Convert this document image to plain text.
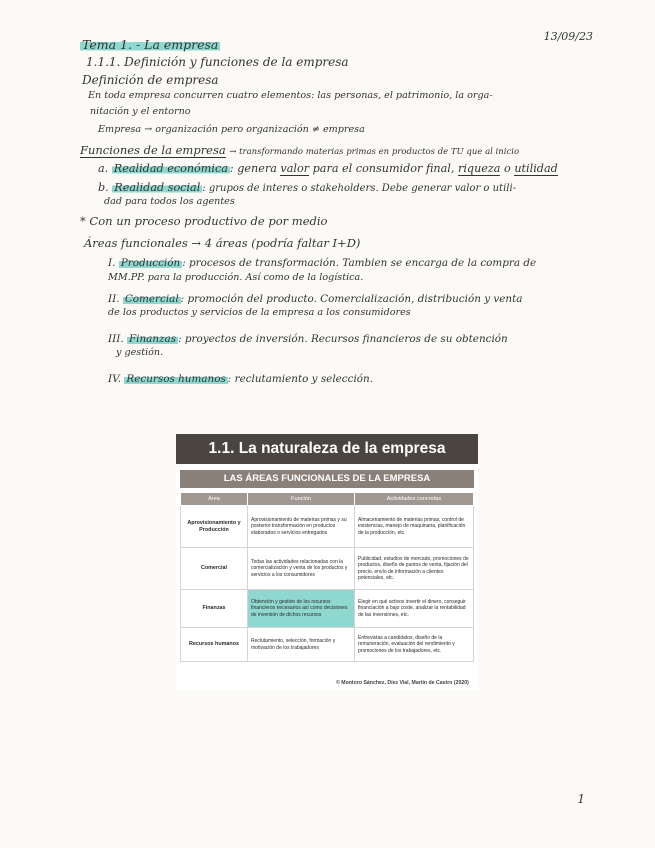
13/09/23
Tema 1. - La empresa
1.1.1. Definición y funciones de la empresa
Definición de empresa
En toda empresa concurren cuatro elementos: las personas, el patrimonio, la orga-
nitación y el entorno
Empresa → organización pero organización ≠ empresa
Funciones de la empresa → transformando materias primas en productos de TU que al inicio
a. Realidad económica : genera valor para el consumidor final, riqueza o utilidad
b. Realidad social : grupos de interes o stakeholders. Debe generar valor o utili-
dad para todos los agentes
* Con un proceso productivo de por medio
Áreas funcionales → 4 áreas (podría faltar I+D)
I. Producción : procesos de transformación. Tambien se encarga de la compra de
MM.PP. para la producción. Así como de la logística.
II. Comercial : promoción del producto. Comercialización, distribución y venta
de los productos y servicios de la empresa a los consumidores
III. Finanzas : proyectos de inversión. Recursos financieros de su obtención
y gestión.
IV. Recursos humanos : reclutamiento y selección.
1.1. La naturaleza de la empresa
LAS ÁREAS FUNCIONALES DE LA EMPRESA
Área	Función	Actividades concretas
Aprovisionamiento y Producción	Aprovisionamiento de materias primas y su posterior transformación en productos elaborados o servicios entregados	Almacenamiento de materias primas, control de existencias, manejo de maquinaria, planificación de la producción, etc.
Comercial	Todas las actividades relacionadas con la comercialización y venta de los productos y servicios a los consumidores	Publicidad, estudios de mercado, promociones de productos, diseño de puntos de venta, fijación del precio, envío de información a clientes potenciales, etc.
Finanzas	Obtención y gestión de los recursos financieros necesarios así como decisiones de inversión de dichos recursos	Elegir en qué activos invertir el dinero, conseguir financiación a bajo coste, analizar la rentabilidad de las inversiones, etc.
Recursos humanos	Reclutamiento, selección, formación y motivación de los trabajadores	Entrevistas a candidatos, diseño de la remuneración, evaluación del rendimiento y promociones de los trabajadores, etc.
© Montoro Sánchez, Díez Vial, Martín de Castro (2020)
1
